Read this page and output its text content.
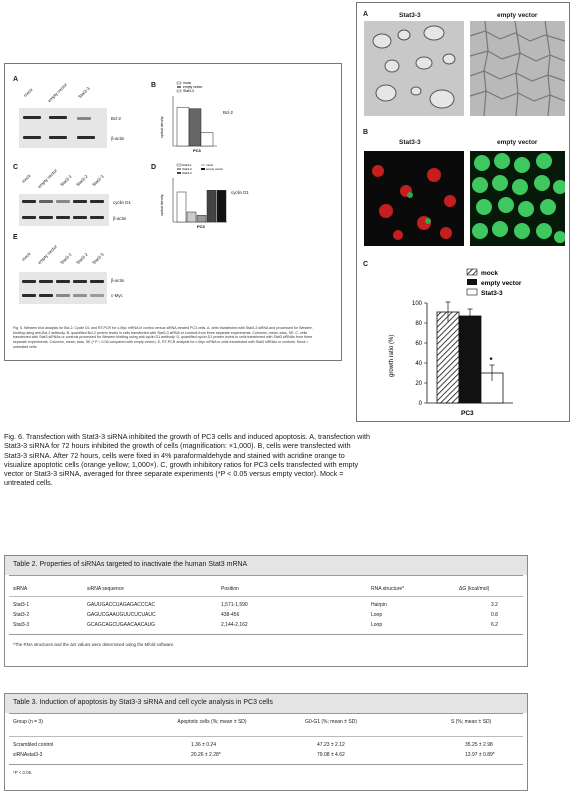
A
mock	empty vector Stat3-3
Bcl-2
β-actin
B	mock
empty vector
Stat3-3
optical density
PC3
Bcl-2
C
mock empty vector Stat3-1 Stat3-2 Stat3-3
cyclin D1
β-actin
D	Stat3-1
Stat3-2
Stat3-3
mock
empty vector
optical density
PC3
cyclin D1
E
mock empty vector Stat3-1 Stat3-2 Stat3-3
β-actin
c-Myc
Fig. 5. Western blot analysis for Bcl-2, Cyclin D1 and RT-PCR for c-Myc mRNA in control versus siRNA-treated PC3 cells. A, cells transfected with Stat3-3 siRNA and processed for Western blotting using anti-Bcl-2 antibody. B, quantified Bcl-2 protein levels in cells transfected with Stat3-3 siRNA or controls from three separate experiments. Columns, mean; bars, SE. C, cells transfected with Stat3 siRNAs or controls processed for Western blotting using anti-cyclin D1 antibody. D, quantified cyclin D1 protein levels in cells transfected with Stat3 siRNAs from three separate experiments. Columns, mean; bars, SE (* P < 0.05 compared with empty vector). E, RT-PCR analysis for c-Myc mRNA in cells transfected with Stat3 siRNAs or controls. Mock = untreated cells.
A	Stat3-3	empty vector
B
Stat3-3	empty vector
C
mock
empty vector
Stat3-3
100
80
60
40
20
0
growth ratio (%)	*
PC3
Fig. 6. Transfection with Stat3-3 siRNA inhibited the growth of PC3 cells and induced apoptosis. A, transfection with Stat3-3 siRNA for 72 hours inhibited the growth of cells (magnification: ×1,000). B, cells were transfected with Stat3-3 siRNA. After 72 hours, cells were fixed in 4% paraformaldehyde and stained with acridine orange to visualize apoptotic cells (orange yellow; 1,000×). C, growth inhibitory ratios for PC3 cells transfected with empty vector or Stat3-3 siRNA, averaged for three separate experiments (*P < 0.05 versus empty vector). Mock = untreated cells.
Table 2. Properties of siRNAs targeted to inactivate the human Stat3 mRNA
siRNA	siRNA sequence	Position	RNA structure*	ΔG (kcal/mol)
Stat3-1	GAUUGACCUAGAGACCCAC	1,571-1,590	Hairpin	3.2
Stat3-2	GAGUCGAAUGUUCUCUAUC	438-456	Loop	0.8
Stat3-3	GCAGCAGCUGAACAACAUG	2,144-2,162	Loop	6.2
*The RNA structures and the ΔG values were determined using the Mfold software.
Table 3. Induction of apoptosis by Stat3-3 siRNA and cell cycle analysis in PC3 cells
Group (n = 3)	Apoptotic cells (%; mean ± SD)	G0-G1 (%; mean ± SD)	S (%; mean ± SD)
Scrambled control	1.36 ± 0.24	47.23 ± 2.12	35.25 ± 2.98
siRNAstat3-3	20.26 ± 2.28*	79.08 ± 4.62	13.97 ± 0.89*
*P < 0.05.
